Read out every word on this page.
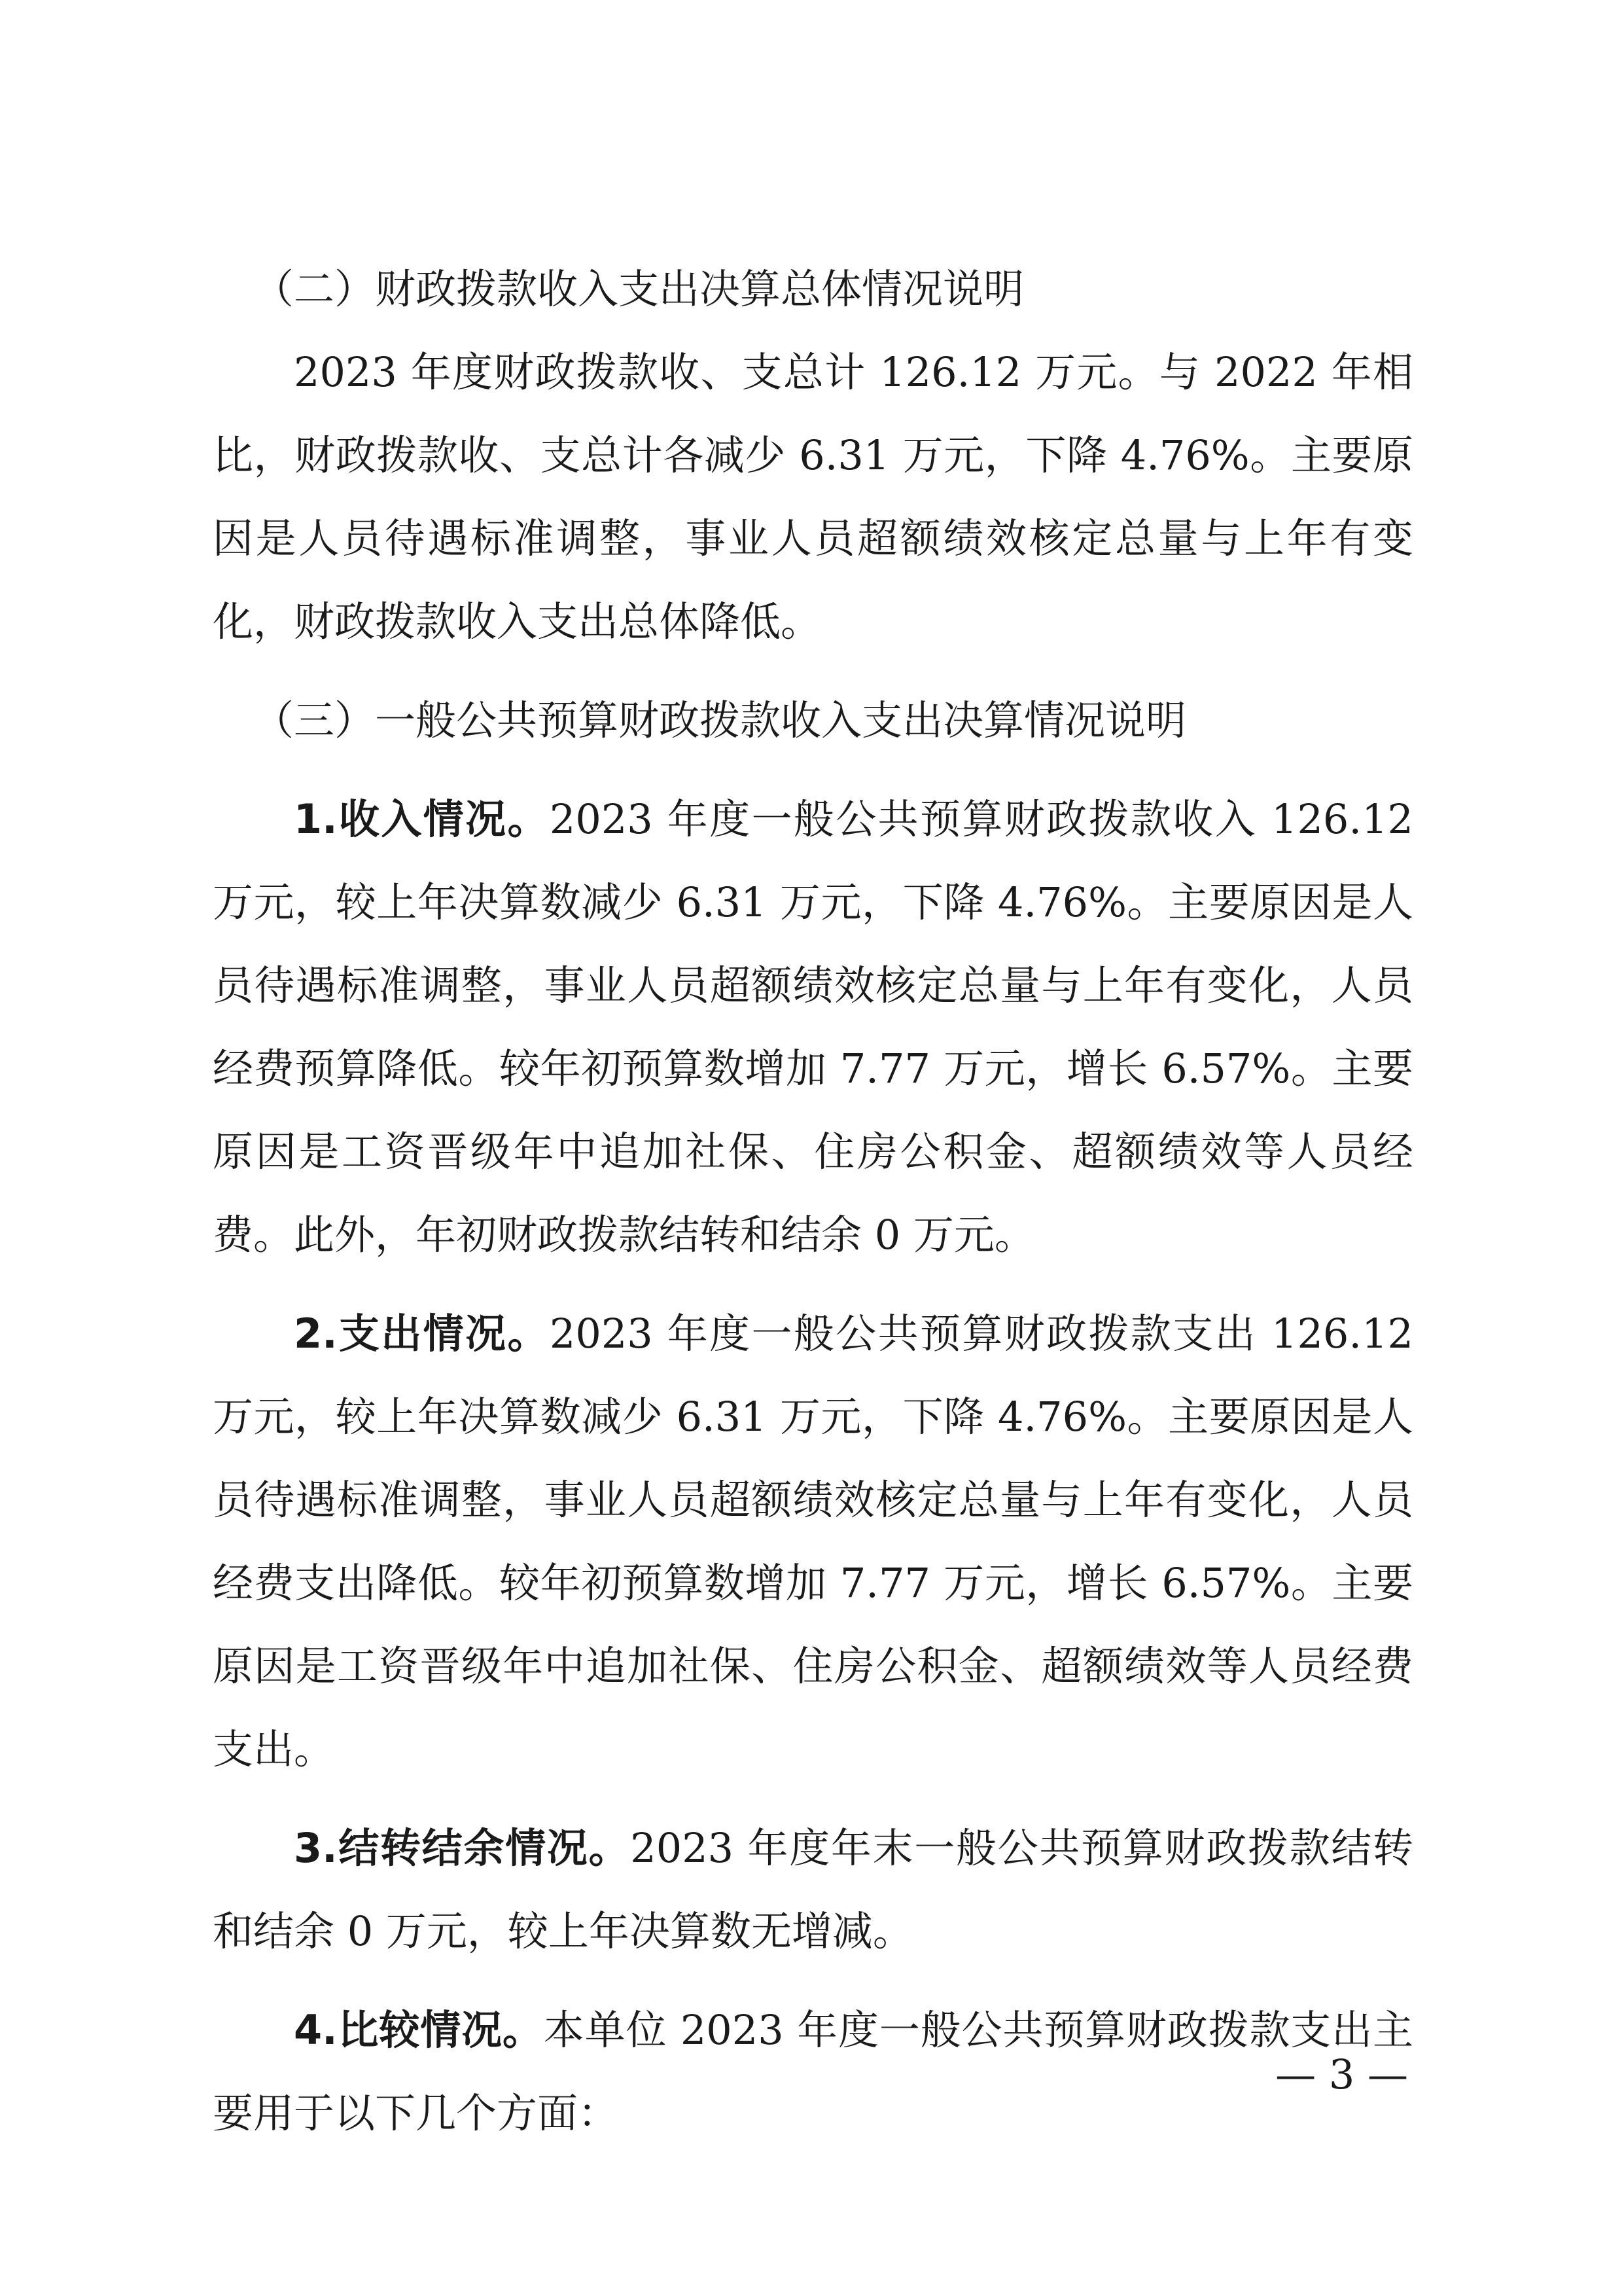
（二）财政拨款收入支出决算总体情况说明

2023 年度财政拨款收、支总计 126.12 万元。与 2022 年相比，财政拨款收、支总计各减少 6.31 万元，下降 4.76%。主要原因是人员待遇标准调整，事业人员超额绩效核定总量与上年有变化，财政拨款收入支出总体降低。

（三）一般公共预算财政拨款收入支出决算情况说明

1.收入情况。2023 年度一般公共预算财政拨款收入 126.12 万元，较上年决算数减少 6.31 万元，下降 4.76%。主要原因是人员待遇标准调整，事业人员超额绩效核定总量与上年有变化，人员经费预算降低。较年初预算数增加 7.77 万元，增长 6.57%。主要原因是工资晋级年中追加社保、住房公积金、超额绩效等人员经费。此外，年初财政拨款结转和结余 0 万元。

2.支出情况。2023 年度一般公共预算财政拨款支出 126.12 万元，较上年决算数减少 6.31 万元，下降 4.76%。主要原因是人员待遇标准调整，事业人员超额绩效核定总量与上年有变化，人员经费支出降低。较年初预算数增加 7.77 万元，增长 6.57%。主要原因是工资晋级年中追加社保、住房公积金、超额绩效等人员经费支出。

3.结转结余情况。2023 年度年末一般公共预算财政拨款结转和结余 0 万元，较上年决算数无增减。

4.比较情况。本单位 2023 年度一般公共预算财政拨款支出主要用于以下几个方面：

— 3 —
